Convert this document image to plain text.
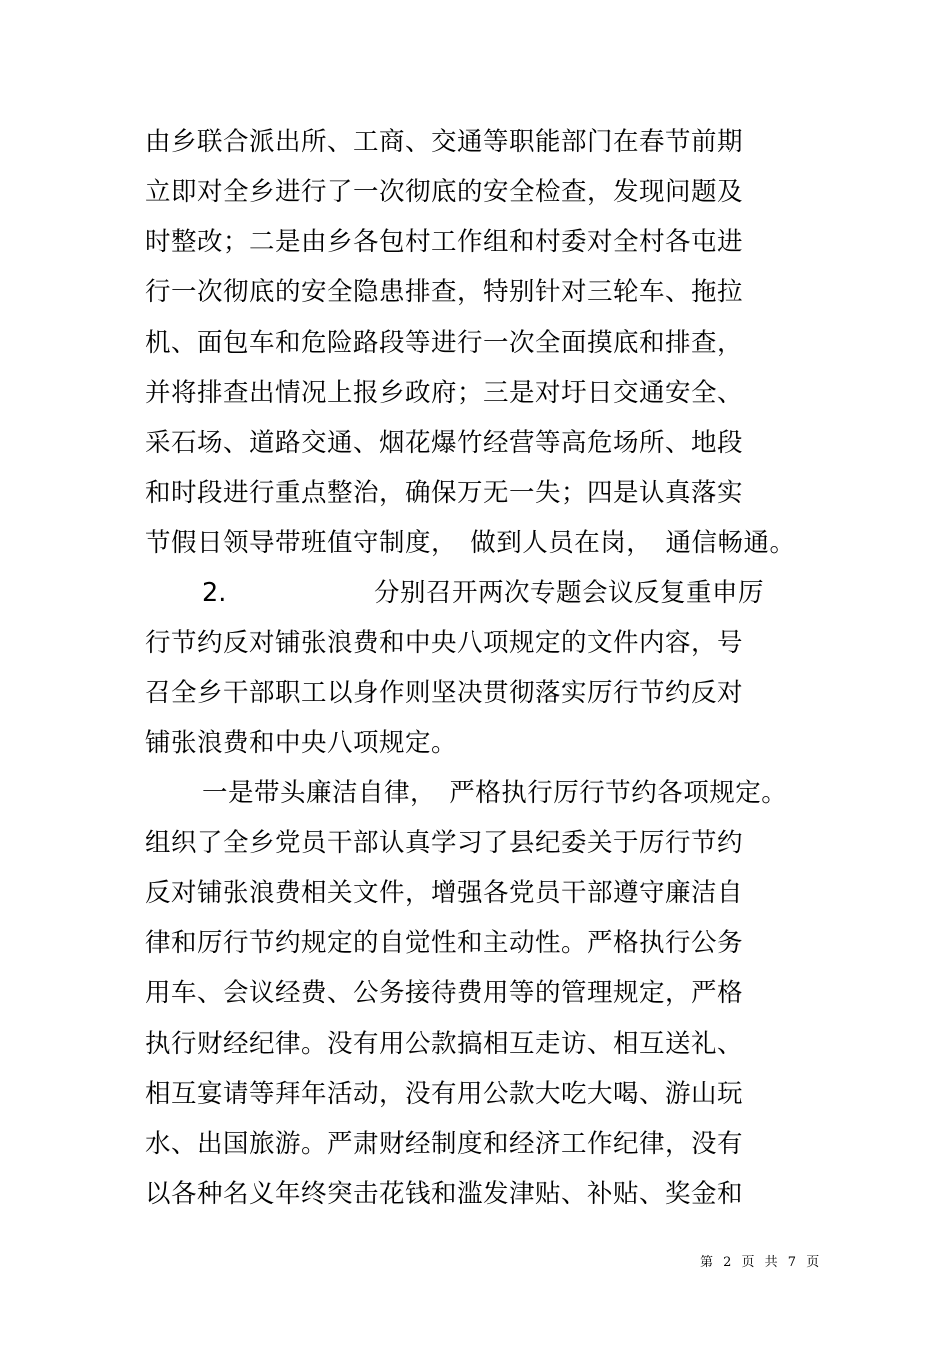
由乡联合派出所、工商、交通等职能部门在春节前期
立即对全乡进行了一次彻底的安全检查，发现问题及
时整改；二是由乡各包村工作组和村委对全村各屯进
行一次彻底的安全隐患排查，特别针对三轮车、拖拉
机、面包车和危险路段等进行一次全面摸底和排查，
并将排查出情况上报乡政府；三是对圩日交通安全、
采石场、道路交通、烟花爆竹经营等高危场所、地段
和时段进行重点整治，确保万无一失；四是认真落实
节假日领导带班值守制度，　做到人员在岗，　通信畅通。
2.	分别召开两次专题会议反复重申厉
行节约反对铺张浪费和中央八项规定的文件内容，号
召全乡干部职工以身作则坚决贯彻落实厉行节约反对
铺张浪费和中央八项规定。
一是带头廉洁自律，　严格执行厉行节约各项规定。
组织了全乡党员干部认真学习了县纪委关于厉行节约
反对铺张浪费相关文件，增强各党员干部遵守廉洁自
律和厉行节约规定的自觉性和主动性。严格执行公务
用车、会议经费、公务接待费用等的管理规定，严格
执行财经纪律。没有用公款搞相互走访、相互送礼、
相互宴请等拜年活动，没有用公款大吃大喝、游山玩
水、出国旅游。严肃财经制度和经济工作纪律，没有
以各种名义年终突击花钱和滥发津贴、补贴、奖金和
第 2 页 共 7 页
